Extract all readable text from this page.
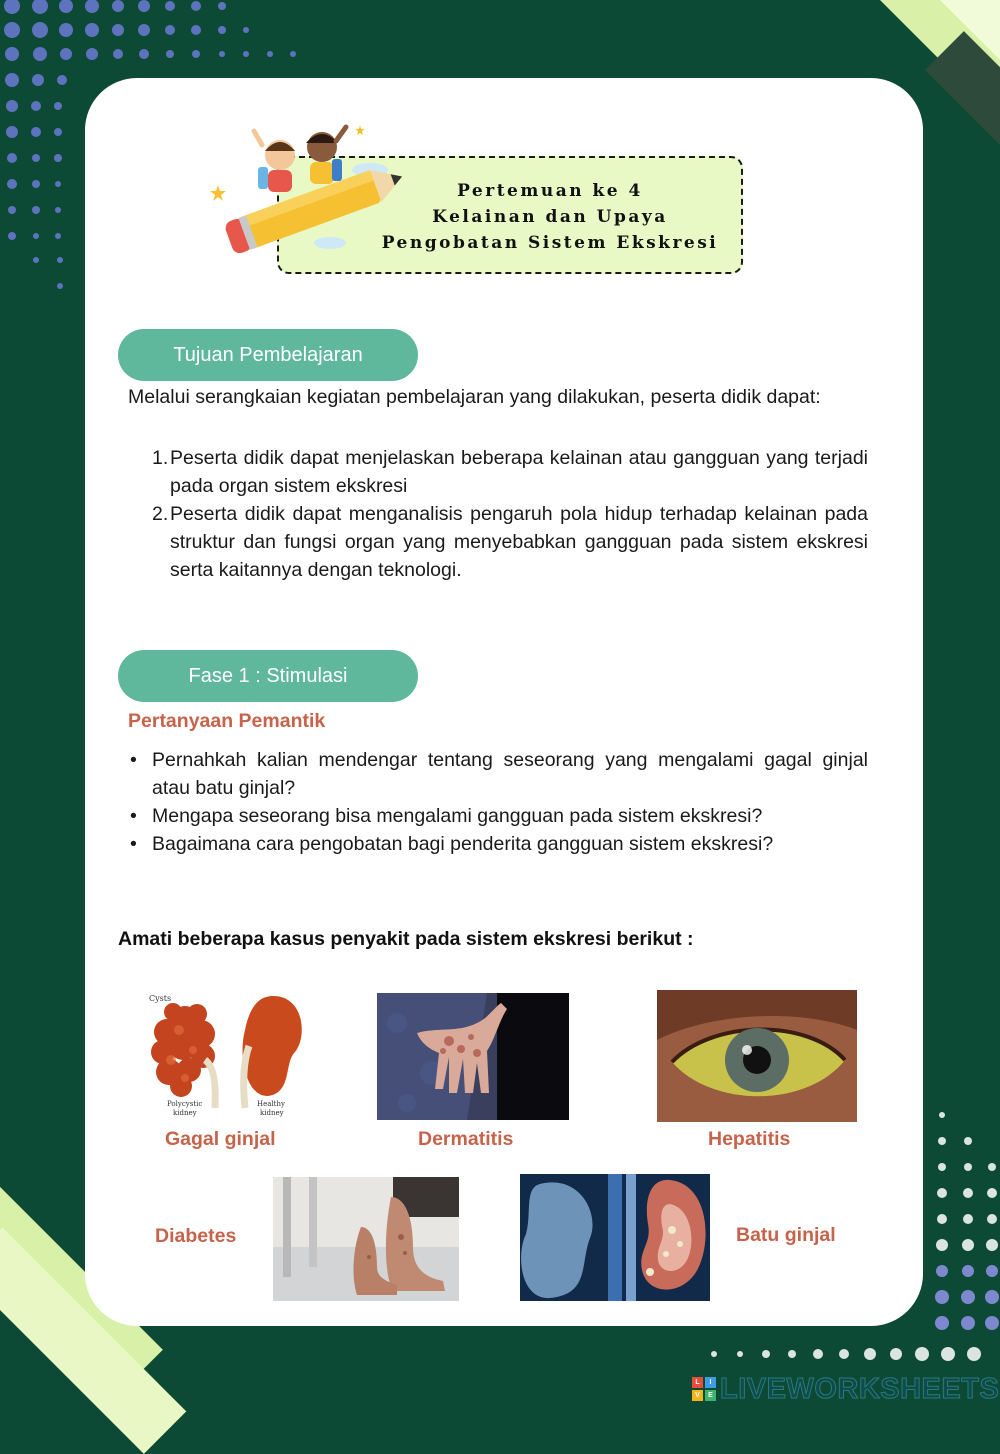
Pertemuan ke 4
Kelainan dan Upaya
Pengobatan Sistem Ekskresi
Tujuan Pembelajaran
Melalui serangkaian kegiatan pembelajaran yang dilakukan, peserta didik dapat:
1. Peserta didik dapat menjelaskan beberapa kelainan atau gangguan yang terjadi pada organ sistem ekskresi
2. Peserta didik dapat menganalisis pengaruh pola hidup terhadap kelainan pada struktur dan fungsi organ yang menyebabkan gangguan pada sistem ekskresi serta kaitannya dengan teknologi.
Fase 1 : Stimulasi
Pertanyaan Pemantik
• Pernahkah kalian mendengar tentang seseorang yang mengalami gagal ginjal atau batu ginjal?
• Mengapa seseorang bisa mengalami gangguan pada sistem ekskresi?
• Bagaimana cara pengobatan bagi penderita gangguan sistem ekskresi?
Amati beberapa kasus penyakit pada sistem ekskresi berikut :
Cysts
Polycystic
kidney
Healthy
kidney
Gagal ginjal	Dermatitis	Hepatitis
Diabetes	Batu ginjal
L	I
V	E LIVEWORKSHEETS
